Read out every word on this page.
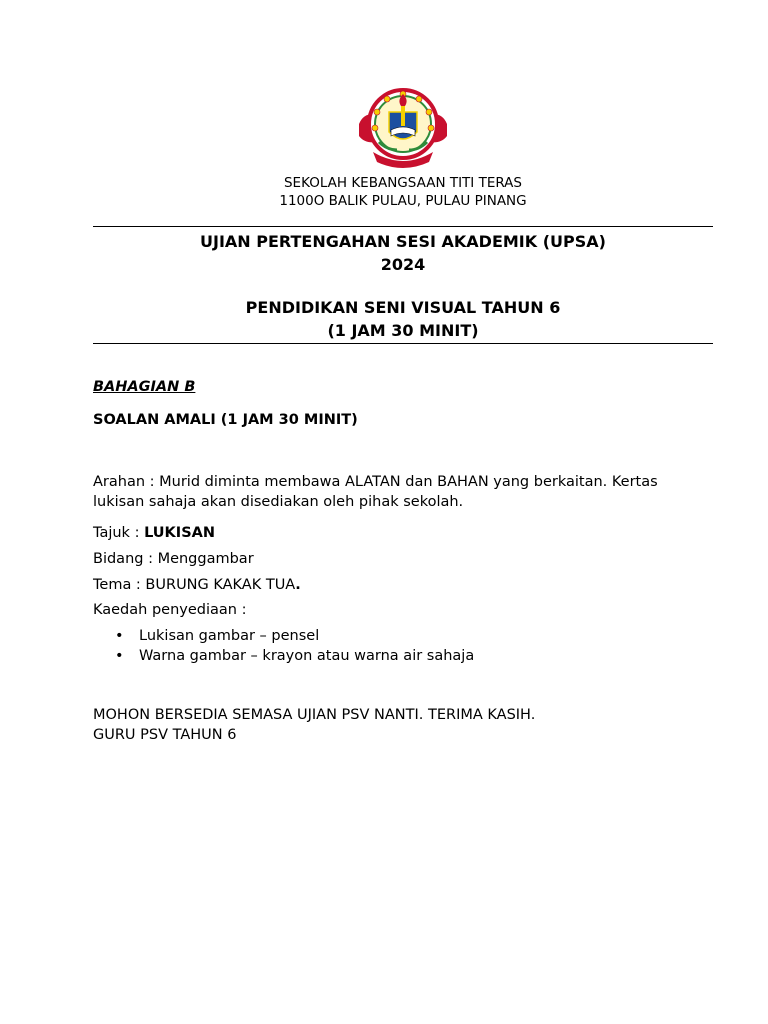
SEKOLAH KEBANGSAAN TITI TERAS
1100O BALIK PULAU, PULAU PINANG
UJIAN PERTENGAHAN SESI AKADEMIK (UPSA)
2024
PENDIDIKAN SENI VISUAL TAHUN 6
(1 JAM 30 MINIT)
BAHAGIAN B
SOALAN AMALI (1 JAM 30 MINIT)
Arahan : Murid diminta membawa ALATAN dan BAHAN yang berkaitan. Kertas
lukisan sahaja akan disediakan oleh pihak sekolah.
Tajuk : LUKISAN
Bidang : Menggambar
Tema : BURUNG KAKAK TUA.
Kaedah penyediaan :
• Lukisan gambar – pensel
• Warna gambar – krayon atau warna air sahaja
MOHON BERSEDIA SEMASA UJIAN PSV NANTI. TERIMA KASIH.
GURU PSV TAHUN 6
